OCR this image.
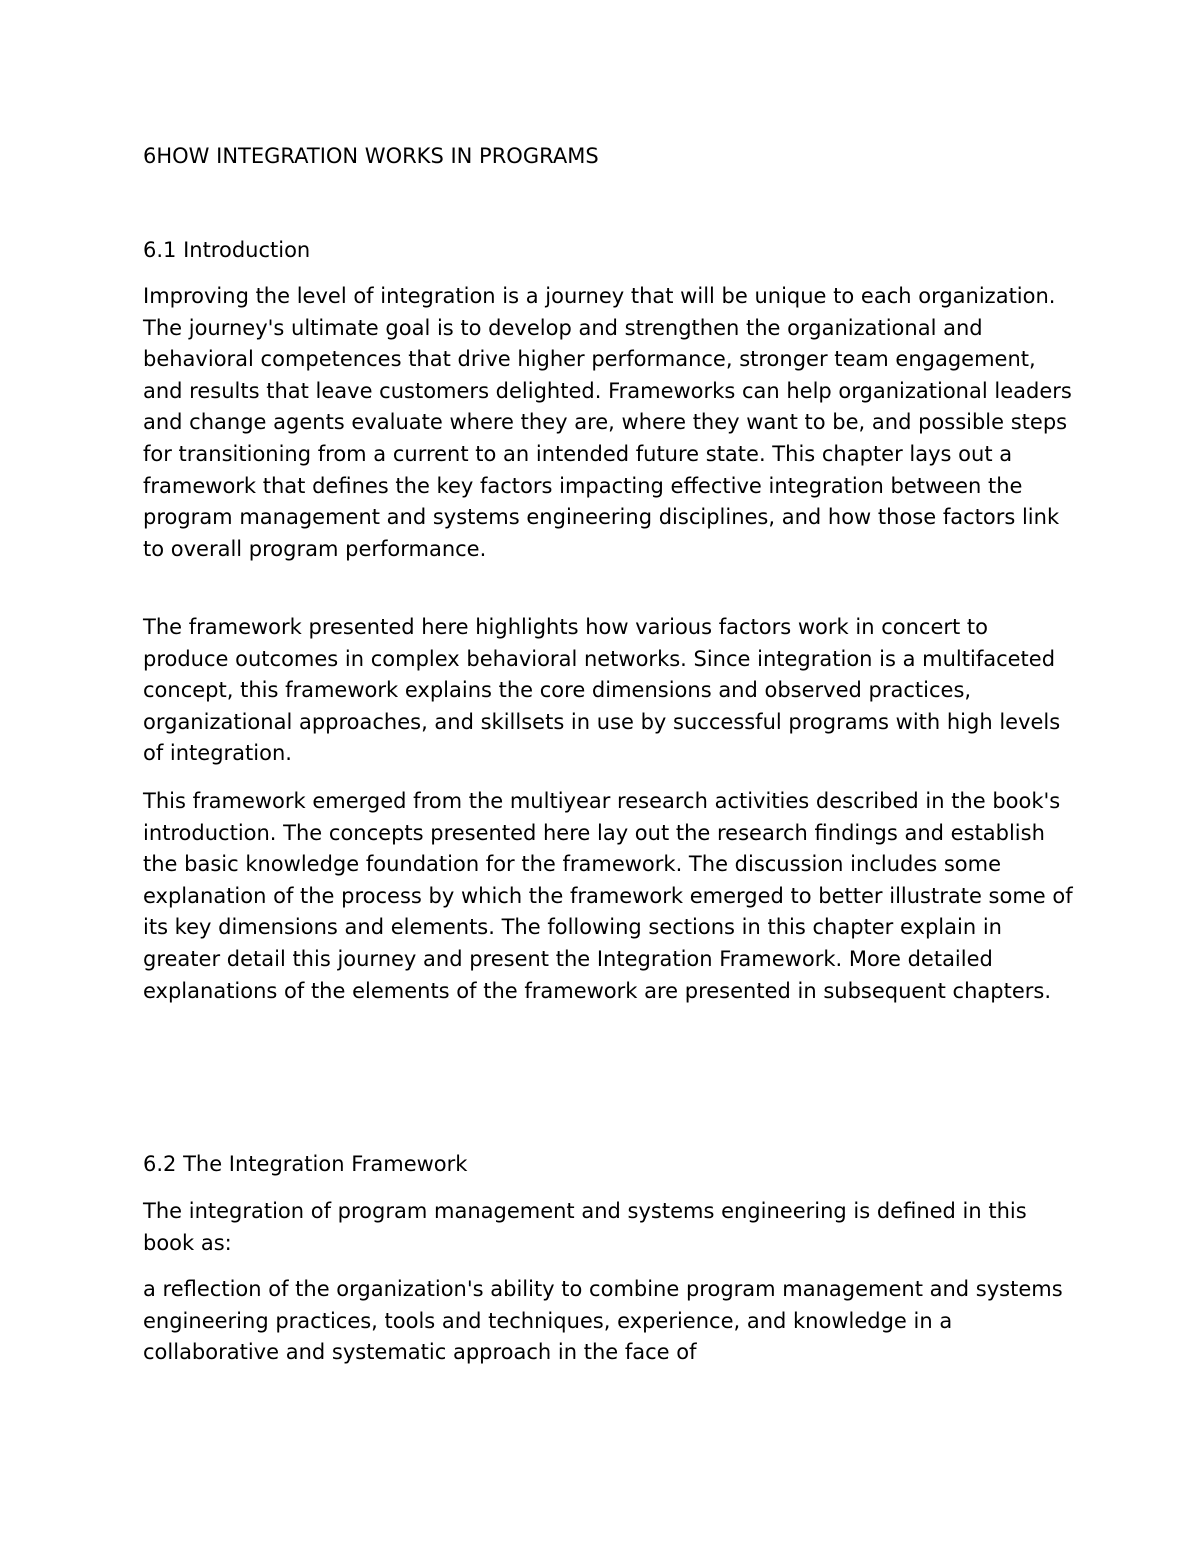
6HOW INTEGRATION WORKS IN PROGRAMS
6.1 Introduction

Improving the level of integration is a journey that will be unique to each organization. The journey's ultimate goal is to develop and strengthen the organizational and behavioral competences that drive higher performance, stronger team engagement, and results that leave customers delighted. Frameworks can help organizational leaders and change agents evaluate where they are, where they want to be, and possible steps for transitioning from a current to an intended future state. This chapter lays out a framework that defines the key factors impacting effective integration between the program management and systems engineering disciplines, and how those factors link to overall program performance.

The framework presented here highlights how various factors work in concert to produce outcomes in complex behavioral networks. Since integration is a multifaceted concept, this framework explains the core dimensions and observed practices, organizational approaches, and skillsets in use by successful programs with high levels of integration.

This framework emerged from the multiyear research activities described in the book's introduction. The concepts presented here lay out the research findings and establish the basic knowledge foundation for the framework. The discussion includes some explanation of the process by which the framework emerged to better illustrate some of its key dimensions and elements. The following sections in this chapter explain in greater detail this journey and present the Integration Framework. More detailed explanations of the elements of the framework are presented in subsequent chapters.

6.2 The Integration Framework

The integration of program management and systems engineering is defined in this book as:

a reflection of the organization's ability to combine program management and systems engineering practices, tools and techniques, experience, and knowledge in a collaborative and systematic approach in the face of
